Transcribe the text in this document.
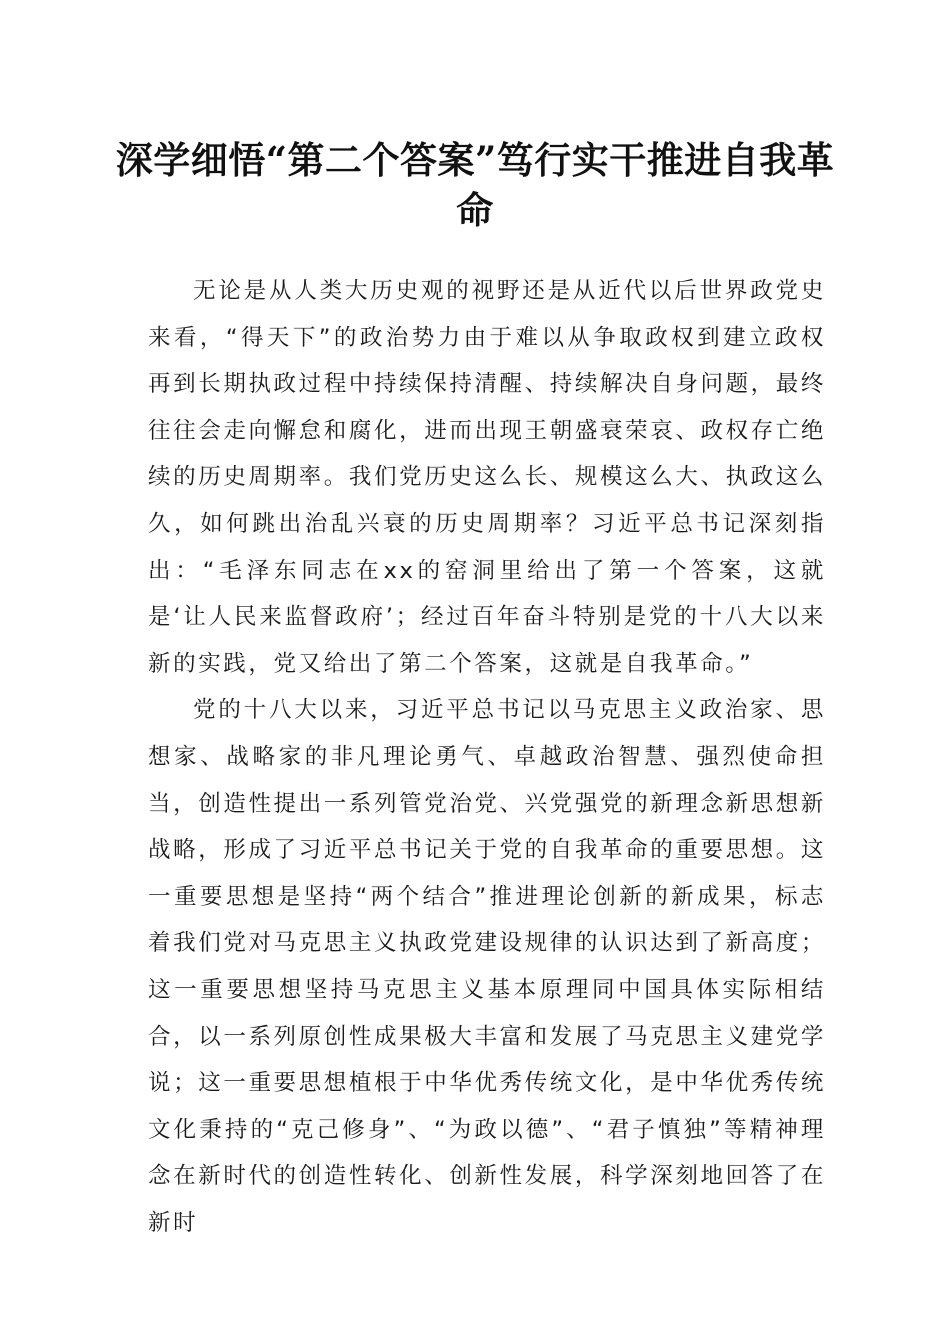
深学细悟“第二个答案”笃行实干推进自我革命

无论是从人类大历史观的视野还是从近代以后世界政党史来看，“得天下”的政治势力由于难以从争取政权到建立政权再到长期执政过程中持续保持清醒、持续解决自身问题，最终往往会走向懈怠和腐化，进而出现王朝盛衰荣哀、政权存亡绝续的历史周期率。我们党历史这么长、规模这么大、执政这么久，如何跳出治乱兴衰的历史周期率？习近平总书记深刻指出：“毛泽东同志在xx的窑洞里给出了第一个答案，这就是‘让人民来监督政府’；经过百年奋斗特别是党的十八大以来新的实践，党又给出了第二个答案，这就是自我革命。”

党的十八大以来，习近平总书记以马克思主义政治家、思想家、战略家的非凡理论勇气、卓越政治智慧、强烈使命担当，创造性提出一系列管党治党、兴党强党的新理念新思想新战略，形成了习近平总书记关于党的自我革命的重要思想。这一重要思想是坚持“两个结合”推进理论创新的新成果，标志着我们党对马克思主义执政党建设规律的认识达到了新高度；这一重要思想坚持马克思主义基本原理同中国具体实际相结合，以一系列原创性成果极大丰富和发展了马克思主义建党学说；这一重要思想植根于中华优秀传统文化，是中华优秀传统文化秉持的“克己修身”、“为政以德”、“君子慎独”等精神理念在新时代的创造性转化、创新性发展，科学深刻地回答了在新时
